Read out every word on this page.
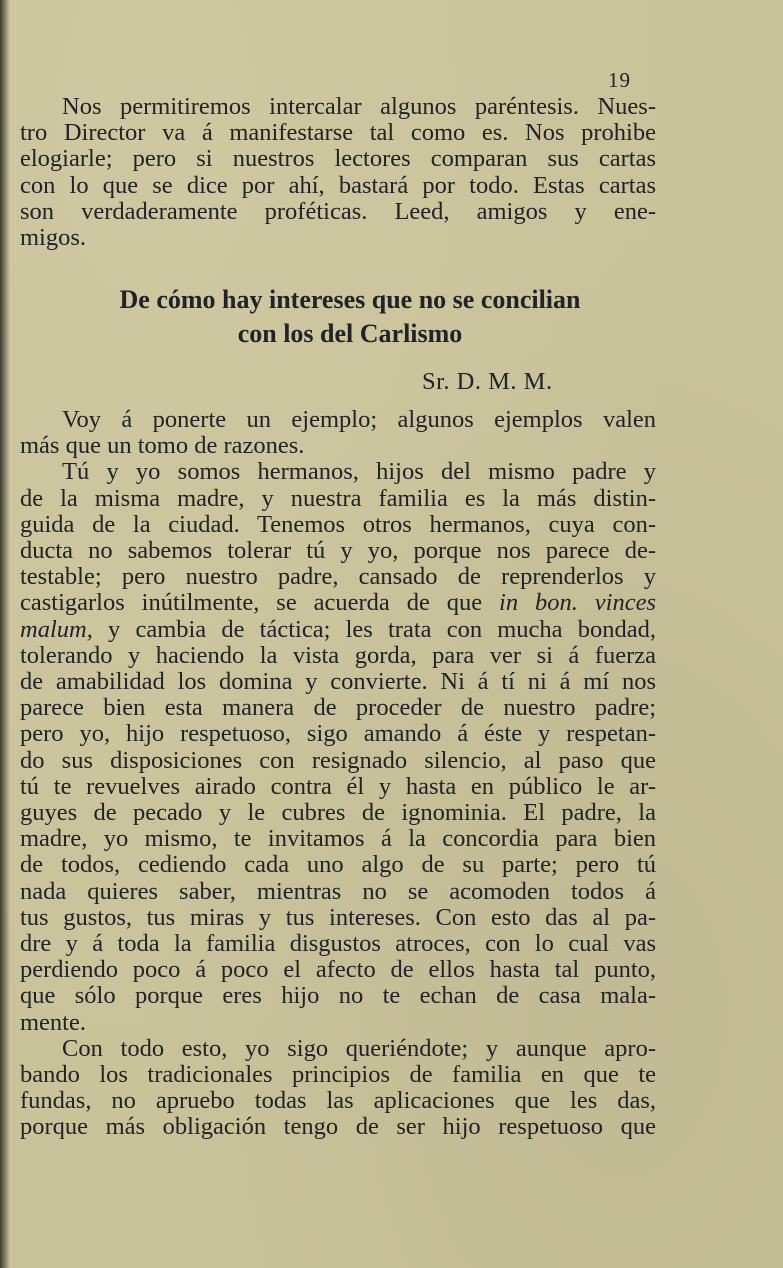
19

Nos permitiremos intercalar algunos paréntesis. Nues-

tro Director va á manifestarse tal como es. Nos prohibe

elogiarle; pero si nuestros lectores comparan sus cartas

con lo que se dice por ahí, bastará por todo. Estas cartas

son verdaderamente proféticas. Leed, amigos y ene-

migos.

De cómo hay intereses que no se concilian
con los del Carlismo
Sr. D. M. M.

Voy á ponerte un ejemplo; algunos ejemplos valen

más que un tomo de razones.

Tú y yo somos hermanos, hijos del mismo padre y

de la misma madre, y nuestra familia es la más distin-

guida de la ciudad. Tenemos otros hermanos, cuya con-

ducta no sabemos tolerar tú y yo, porque nos parece de-

testable; pero nuestro padre, cansado de reprenderlos y

castigarlos inútilmente, se acuerda de que in bon. vinces

malum, y cambia de táctica; les trata con mucha bondad,

tolerando y haciendo la vista gorda, para ver si á fuerza

de amabilidad los domina y convierte. Ni á tí ni á mí nos

parece bien esta manera de proceder de nuestro padre;

pero yo, hijo respetuoso, sigo amando á éste y respetan-

do sus disposiciones con resignado silencio, al paso que

tú te revuelves airado contra él y hasta en público le ar-

guyes de pecado y le cubres de ignominia. El padre, la

madre, yo mismo, te invitamos á la concordia para bien

de todos, cediendo cada uno algo de su parte; pero tú

nada quieres saber, mientras no se acomoden todos á

tus gustos, tus miras y tus intereses. Con esto das al pa-

dre y á toda la familia disgustos atroces, con lo cual vas

perdiendo poco á poco el afecto de ellos hasta tal punto,

que sólo porque eres hijo no te echan de casa mala-

mente.

Con todo esto, yo sigo queriéndote; y aunque apro-

bando los tradicionales principios de familia en que te

fundas, no apruebo todas las aplicaciones que les das,

porque más obligación tengo de ser hijo respetuoso que
